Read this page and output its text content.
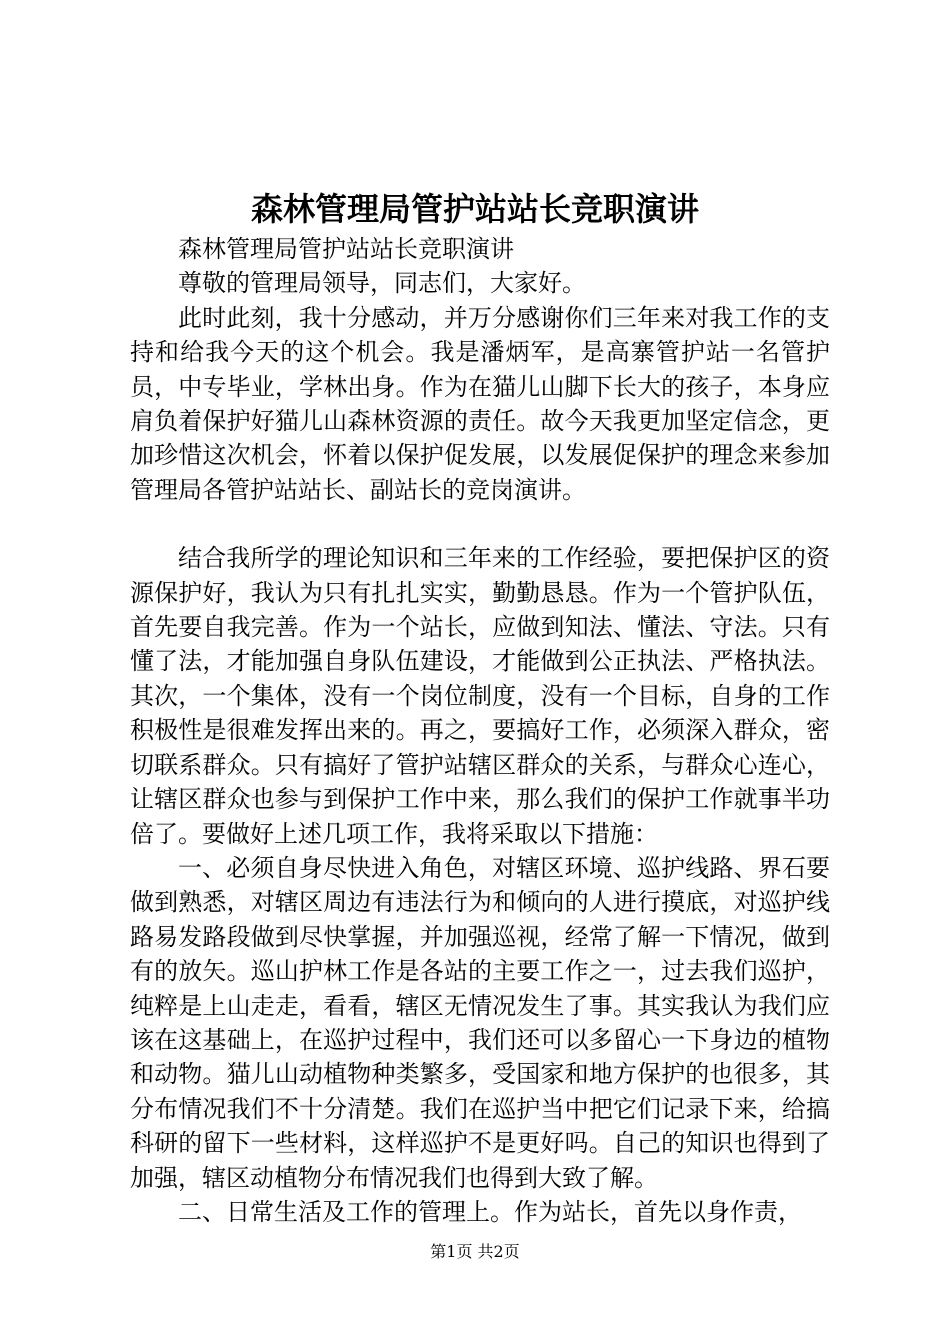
森林管理局管护站站长竞职演讲

森林管理局管护站站长竞职演讲

尊敬的管理局领导，同志们，大家好。

此时此刻，我十分感动，并万分感谢你们三年来对我工作的支持和给我今天的这个机会。我是潘炳军，是高寨管护站一名管护员，中专毕业，学林出身。作为在猫儿山脚下长大的孩子，本身应肩负着保护好猫儿山森林资源的责任。故今天我更加坚定信念，更加珍惜这次机会，怀着以保护促发展，以发展促保护的理念来参加管理局各管护站站长、副站长的竞岗演讲。

结合我所学的理论知识和三年来的工作经验，要把保护区的资源保护好，我认为只有扎扎实实，勤勤恳恳。作为一个管护队伍，首先要自我完善。作为一个站长，应做到知法、懂法、守法。只有懂了法，才能加强自身队伍建设，才能做到公正执法、严格执法。其次，一个集体，没有一个岗位制度，没有一个目标，自身的工作积极性是很难发挥出来的。再之，要搞好工作，必须深入群众，密切联系群众。只有搞好了管护站辖区群众的关系，与群众心连心，让辖区群众也参与到保护工作中来，那么我们的保护工作就事半功倍了。要做好上述几项工作，我将采取以下措施：

一、必须自身尽快进入角色，对辖区环境、巡护线路、界石要做到熟悉，对辖区周边有违法行为和倾向的人进行摸底，对巡护线路易发路段做到尽快掌握，并加强巡视，经常了解一下情况，做到有的放矢。巡山护林工作是各站的主要工作之一，过去我们巡护，纯粹是上山走走，看看，辖区无情况发生了事。其实我认为我们应该在这基础上，在巡护过程中，我们还可以多留心一下身边的植物和动物。猫儿山动植物种类繁多，受国家和地方保护的也很多，其分布情况我们不十分清楚。我们在巡护当中把它们记录下来，给搞科研的留下一些材料，这样巡护不是更好吗。自己的知识也得到了加强，辖区动植物分布情况我们也得到大致了解。

二、日常生活及工作的管理上。作为站长，首先以身作责，

第1页 共2页
